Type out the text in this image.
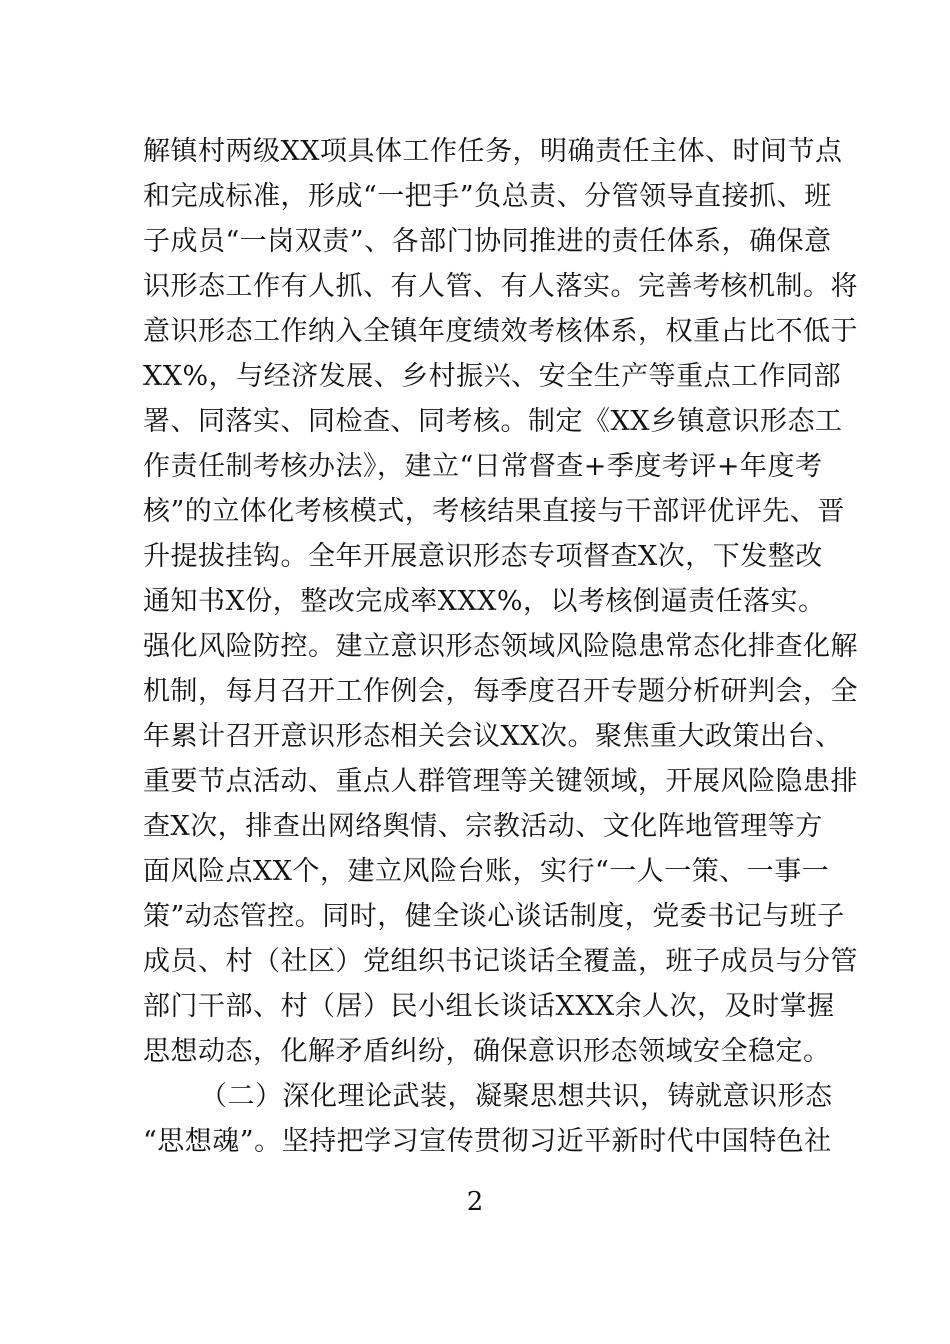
解镇村两级XX项具体工作任务，明确责任主体、时间节点
和完成标准，形成“一把手”负总责、分管领导直接抓、班
子成员“一岗双责”、各部门协同推进的责任体系，确保意
识形态工作有人抓、有人管、有人落实。完善考核机制。将
意识形态工作纳入全镇年度绩效考核体系，权重占比不低于
XX%，与经济发展、乡村振兴、安全生产等重点工作同部
署、同落实、同检查、同考核。制定《XX乡镇意识形态工
作责任制考核办法》，建立“日常督查+季度考评+年度考
核”的立体化考核模式，考核结果直接与干部评优评先、晋
升提拔挂钩。全年开展意识形态专项督查X次，下发整改
通知书X份，整改完成率XXX%，以考核倒逼责任落实。
强化风险防控。建立意识形态领域风险隐患常态化排查化解
机制，每月召开工作例会，每季度召开专题分析研判会，全
年累计召开意识形态相关会议XX次。聚焦重大政策出台、
重要节点活动、重点人群管理等关键领域，开展风险隐患排
查X次，排查出网络舆情、宗教活动、文化阵地管理等方
面风险点XX个，建立风险台账，实行“一人一策、一事一
策”动态管控。同时，健全谈心谈话制度，党委书记与班子
成员、村（社区）党组织书记谈话全覆盖，班子成员与分管
部门干部、村（居）民小组长谈话XXX余人次，及时掌握
思想动态，化解矛盾纠纷，确保意识形态领域安全稳定。
（二）深化理论武装，凝聚思想共识，铸就意识形态
“思想魂”。坚持把学习宣传贯彻习近平新时代中国特色社
2
